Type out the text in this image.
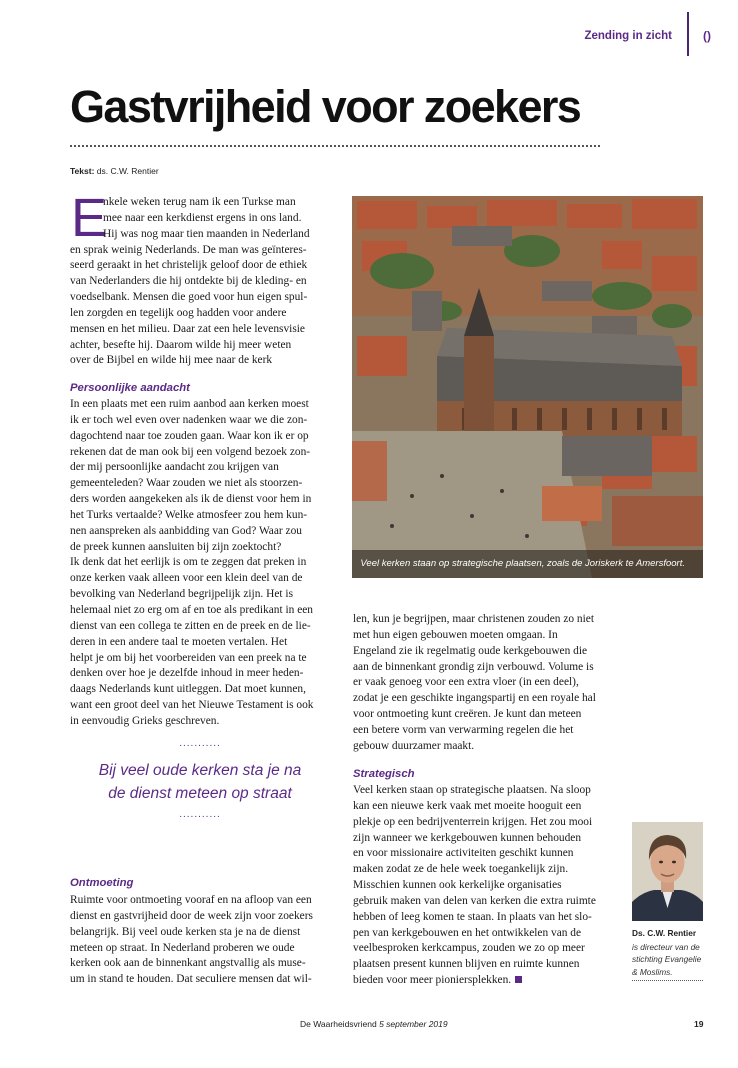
Zending in zicht	()
Gastvrijheid voor zoekers
Tekst: ds. C.W. Rentier
E
nkele weken terug nam ik een Turkse man
mee naar een kerkdienst ergens in ons land.
Hij was nog maar tien maanden in Nederland
en sprak weinig Nederlands. De man was geïnteres-
seerd geraakt in het christelijk geloof door de ethiek
van Nederlanders die hij ontdekte bij de kleding- en
voedselbank. Mensen die goed voor hun eigen spul-
len zorgden en tegelijk oog hadden voor andere
mensen en het milieu. Daar zat een hele levensvisie
achter, besefte hij. Daarom wilde hij meer weten
over de Bijbel en wilde hij mee naar de kerk
Persoonlijke aandacht
In een plaats met een ruim aanbod aan kerken moest
ik er toch wel even over nadenken waar we die zon-
dagochtend naar toe zouden gaan. Waar kon ik er op
rekenen dat de man ook bij een volgend bezoek zon-
der mij persoonlijke aandacht zou krijgen van
gemeenteleden? Waar zouden we niet als stoorzen-
ders worden aangekeken als ik de dienst voor hem in
het Turks vertaalde? Welke atmosfeer zou hem kun-
nen aanspreken als aanbidding van God? Waar zou
de preek kunnen aansluiten bij zijn zoektocht?
Ik denk dat het eerlijk is om te zeggen dat preken in
onze kerken vaak alleen voor een klein deel van de
bevolking van Nederland begrijpelijk zijn. Het is
helemaal niet zo erg om af en toe als predikant in een
dienst van een collega te zitten en de preek en de lie-
deren in een andere taal te moeten vertalen. Het
helpt je om bij het voorbereiden van een preek na te
denken over hoe je dezelfde inhoud in meer heden-
daags Nederlands kunt uitleggen. Dat moet kunnen,
want een groot deel van het Nieuwe Testament is ook
in eenvoudig Grieks geschreven.
...........
Bij veel oude kerken sta je na
de dienst meteen op straat
...........
Ontmoeting
Ruimte voor ontmoeting vooraf en na afloop van een
dienst en gastvrijheid door de week zijn voor zoekers
belangrijk. Bij veel oude kerken sta je na de dienst
meteen op straat. In Nederland proberen we oude
kerken ook aan de binnenkant angstvallig als muse-
um in stand te houden. Dat seculiere mensen dat wil-
Veel kerken staan op strategische plaatsen, zoals de Joriskerk te Amersfoort.
len, kun je begrijpen, maar christenen zouden zo niet
met hun eigen gebouwen moeten omgaan. In
Engeland zie ik regelmatig oude kerkgebouwen die
aan de binnenkant grondig zijn verbouwd. Volume is
er vaak genoeg voor een extra vloer (in een deel),
zodat je een geschikte ingangspartij en een royale hal
voor ontmoeting kunt creëren. Je kunt dan meteen
een betere vorm van verwarming regelen die het
gebouw duurzamer maakt.
Strategisch
Veel kerken staan op strategische plaatsen. Na sloop
kan een nieuwe kerk vaak met moeite hooguit een
plekje op een bedrijventerrein krijgen. Het zou mooi
zijn wanneer we kerkgebouwen kunnen behouden
en voor missionaire activiteiten geschikt kunnen
maken zodat ze de hele week toegankelijk zijn.
Misschien kunnen ook kerkelijke organisaties
gebruik maken van delen van kerken die extra ruimte
hebben of leeg komen te staan. In plaats van het slo-
pen van kerkgebouwen en het ontwikkelen van de
veelbesproken kerkcampus, zouden we zo op meer
plaatsen present kunnen blijven en ruimte kunnen
bieden voor meer pioniersplekken.
Ds. C.W. Rentier
is directeur van de
stichting Evangelie
& Moslims.
De Waarheidsvriend 5 september 2019	19
